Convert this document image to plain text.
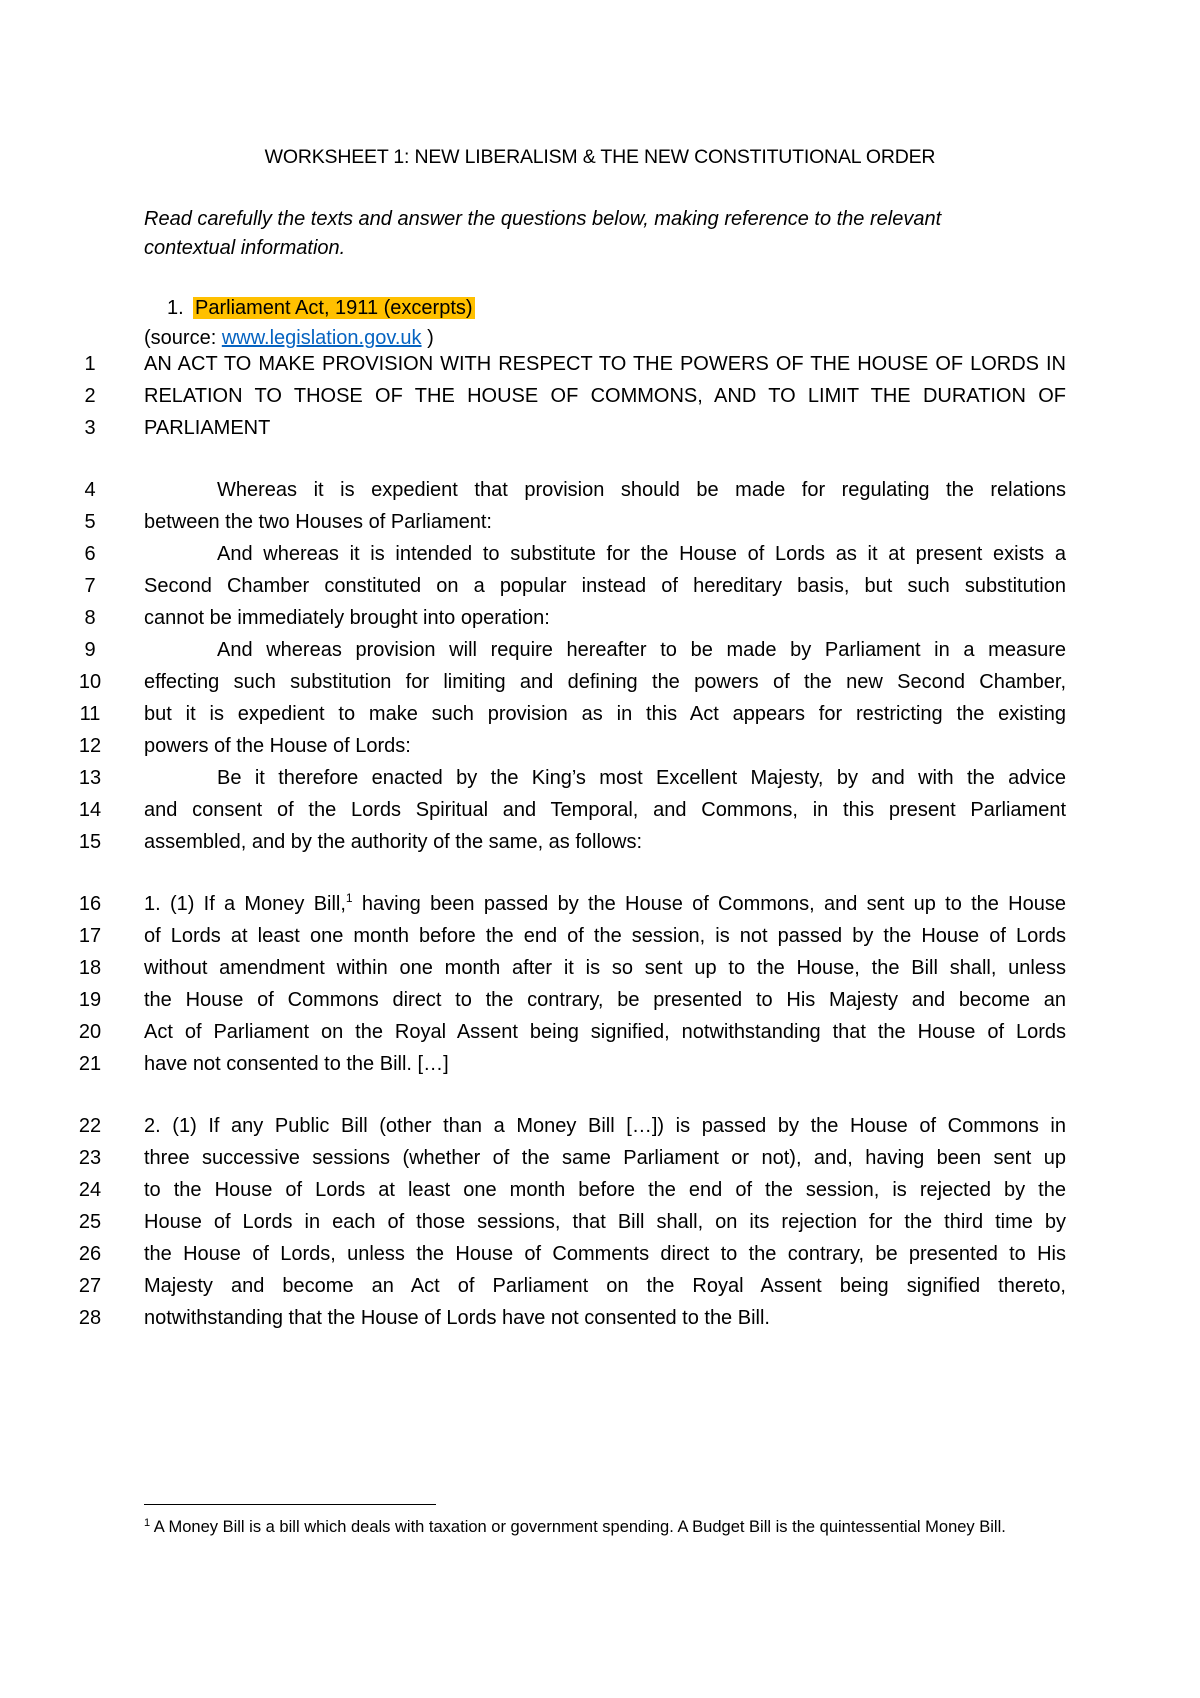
WORKSHEET 1: NEW LIBERALISM & THE NEW CONSTITUTIONAL ORDER
Read carefully the texts and answer the questions below, making reference to the relevant
contextual information.
1. Parliament Act, 1911 (excerpts)
(source: www.legislation.gov.uk )
1	AN ACT TO MAKE PROVISION WITH RESPECT TO THE POWERS OF THE HOUSE OF LORDS IN
2	RELATION TO THOSE OF THE HOUSE OF COMMONS, AND TO LIMIT THE DURATION OF
3	PARLIAMENT
4	Whereas it is expedient that provision should be made for regulating the relations
5	between the two Houses of Parliament:
6	And whereas it is intended to substitute for the House of Lords as it at present exists a
7	Second Chamber constituted on a popular instead of hereditary basis, but such substitution
8	cannot be immediately brought into operation:
9	And whereas provision will require hereafter to be made by Parliament in a measure
10	effecting such substitution for limiting and defining the powers of the new Second Chamber,
11	but it is expedient to make such provision as in this Act appears for restricting the existing
12	powers of the House of Lords:
13	Be it therefore enacted by the King’s most Excellent Majesty, by and with the advice
14	and consent of the Lords Spiritual and Temporal, and Commons, in this present Parliament
15	assembled, and by the authority of the same, as follows:
16	1. (1) If a Money Bill,$^1$ having been passed by the House of Commons, and sent up to the House
17	of Lords at least one month before the end of the session, is not passed by the House of Lords
18	without amendment within one month after it is so sent up to the House, the Bill shall, unless
19	the House of Commons direct to the contrary, be presented to His Majesty and become an
20	Act of Parliament on the Royal Assent being signified, notwithstanding that the House of Lords
21	have not consented to the Bill. […]
22	2. (1) If any Public Bill (other than a Money Bill […]) is passed by the House of Commons in
23	three successive sessions (whether of the same Parliament or not), and, having been sent up
24	to the House of Lords at least one month before the end of the session, is rejected by the
25	House of Lords in each of those sessions, that Bill shall, on its rejection for the third time by
26	the House of Lords, unless the House of Comments direct to the contrary, be presented to His
27	Majesty and become an Act of Parliament on the Royal Assent being signified thereto,
28	notwithstanding that the House of Lords have not consented to the Bill.
$^1$ A Money Bill is a bill which deals with taxation or government spending. A Budget Bill is the quintessential Money Bill.
